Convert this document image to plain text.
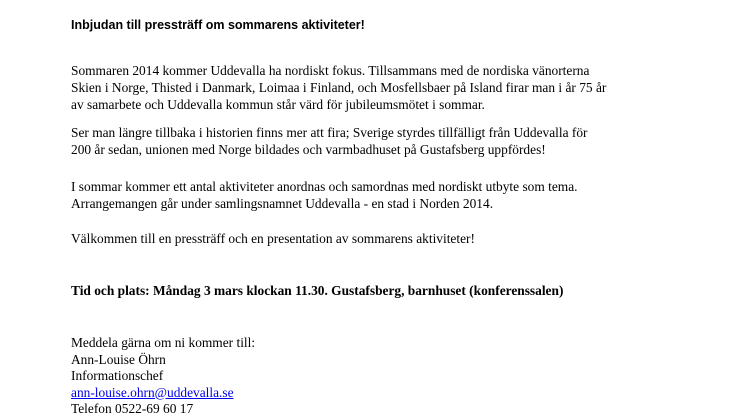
Inbjudan till pressträff om sommarens aktiviteter!
Sommaren 2014 kommer Uddevalla ha nordiskt fokus. Tillsammans med de nordiska vänorterna
Skien i Norge, Thisted i Danmark, Loimaa i Finland, och Mosfellsbaer på Island firar man i år 75 år
av samarbete och Uddevalla kommun står värd för jubileumsmötet i sommar.
Ser man längre tillbaka i historien finns mer att fira; Sverige styrdes tillfälligt från Uddevalla för
200 år sedan, unionen med Norge bildades och varmbadhuset på Gustafsberg uppfördes!
I sommar kommer ett antal aktiviteter anordnas och samordnas med nordiskt utbyte som tema.
Arrangemangen går under samlingsnamnet Uddevalla - en stad i Norden 2014.
Välkommen till en pressträff och en presentation av sommarens aktiviteter!
Tid och plats: Måndag 3 mars klockan 11.30. Gustafsberg, barnhuset (konferenssalen)
Meddela gärna om ni kommer till:
Ann-Louise Öhrn
Informationschef
ann-louise.ohrn@uddevalla.se
Telefon 0522-69 60 17
